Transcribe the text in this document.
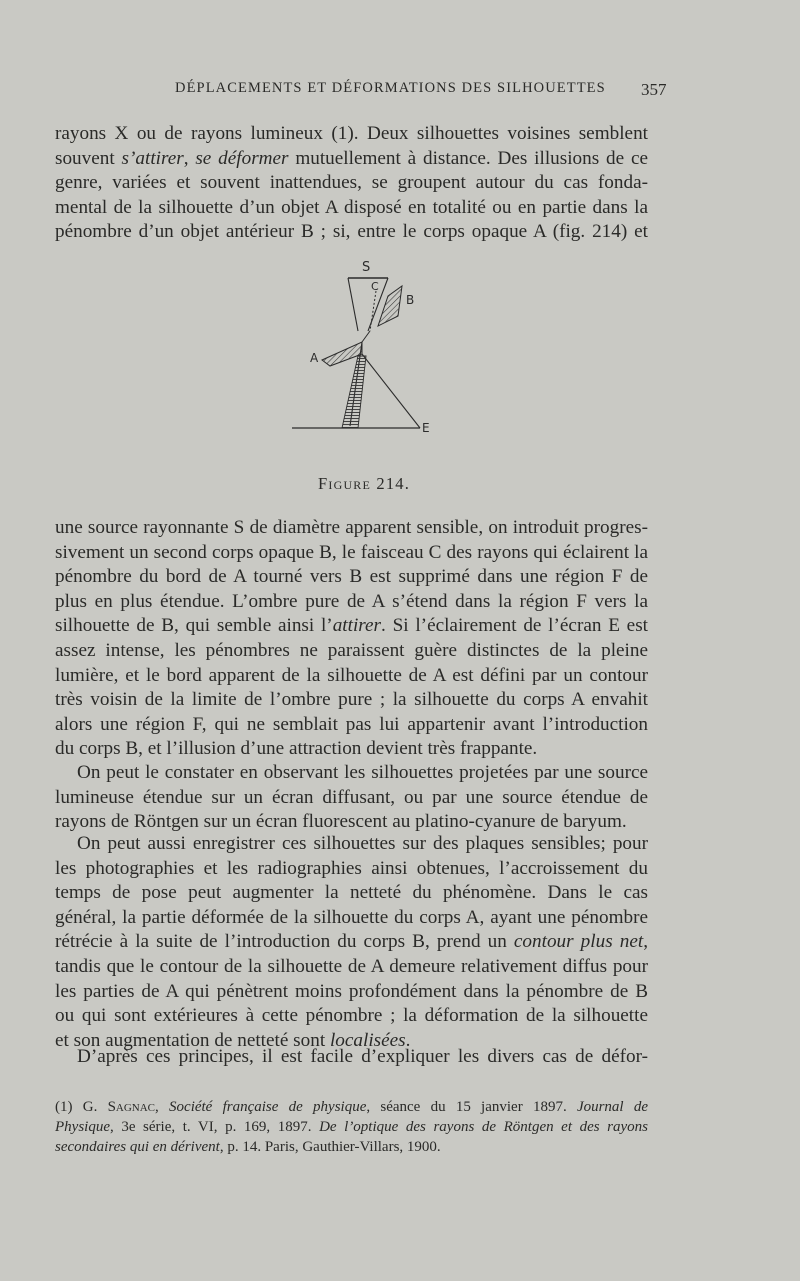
DÉPLACEMENTS ET DÉFORMATIONS DES SILHOUETTES 357

rayons X ou de rayons lumineux (1). Deux silhouettes voisines semblent
souvent s’attirer, se déformer mutuellement à distance. Des illusions de ce
genre, variées et souvent inattendues, se groupent autour du cas fonda-
mental de la silhouette d’un objet A disposé en totalité ou en partie dans la
pénombre d’un objet antérieur B ; si, entre le corps opaque A (fig. 214) et

S
C
B
A
E
Figure 214.

une source rayonnante S de diamètre apparent sensible, on introduit progres-
sivement un second corps opaque B, le faisceau C des rayons qui éclairent la
pénombre du bord de A tourné vers B est supprimé dans une région F de
plus en plus étendue. L’ombre pure de A s’étend dans la région F vers la
silhouette de B, qui semble ainsi l’attirer. Si l’éclairement de l’écran E est
assez intense, les pénombres ne paraissent guère distinctes de la pleine
lumière, et le bord apparent de la silhouette de A est défini par un contour
très voisin de la limite de l’ombre pure ; la silhouette du corps A envahit
alors une région F, qui ne semblait pas lui appartenir avant l’introduction
du corps B, et l’illusion d’une attraction devient très frappante.

On peut le constater en observant les silhouettes projetées par une source
lumineuse étendue sur un écran diffusant, ou par une source étendue de
rayons de Röntgen sur un écran fluorescent au platino-cyanure de baryum.

On peut aussi enregistrer ces silhouettes sur des plaques sensibles; pour
les photographies et les radiographies ainsi obtenues, l’accroissement du
temps de pose peut augmenter la netteté du phénomène. Dans le cas
général, la partie déformée de la silhouette du corps A, ayant une pénombre
rétrécie à la suite de l’introduction du corps B, prend un contour plus net,
tandis que le contour de la silhouette de A demeure relativement diffus pour
les parties de A qui pénètrent moins profondément dans la pénombre de B
ou qui sont extérieures à cette pénombre ; la déformation de la silhouette
et son augmentation de netteté sont localisées.

D’après ces principes, il est facile d’expliquer les divers cas de défor-

(1) G. Sagnac, Société française de physique, séance du 15 janvier 1897. Journal de
Physique, 3e série, t. VI, p. 169, 1897. De l’optique des rayons de Röntgen et des rayons
secondaires qui en dérivent, p. 14. Paris, Gauthier-Villars, 1900.
